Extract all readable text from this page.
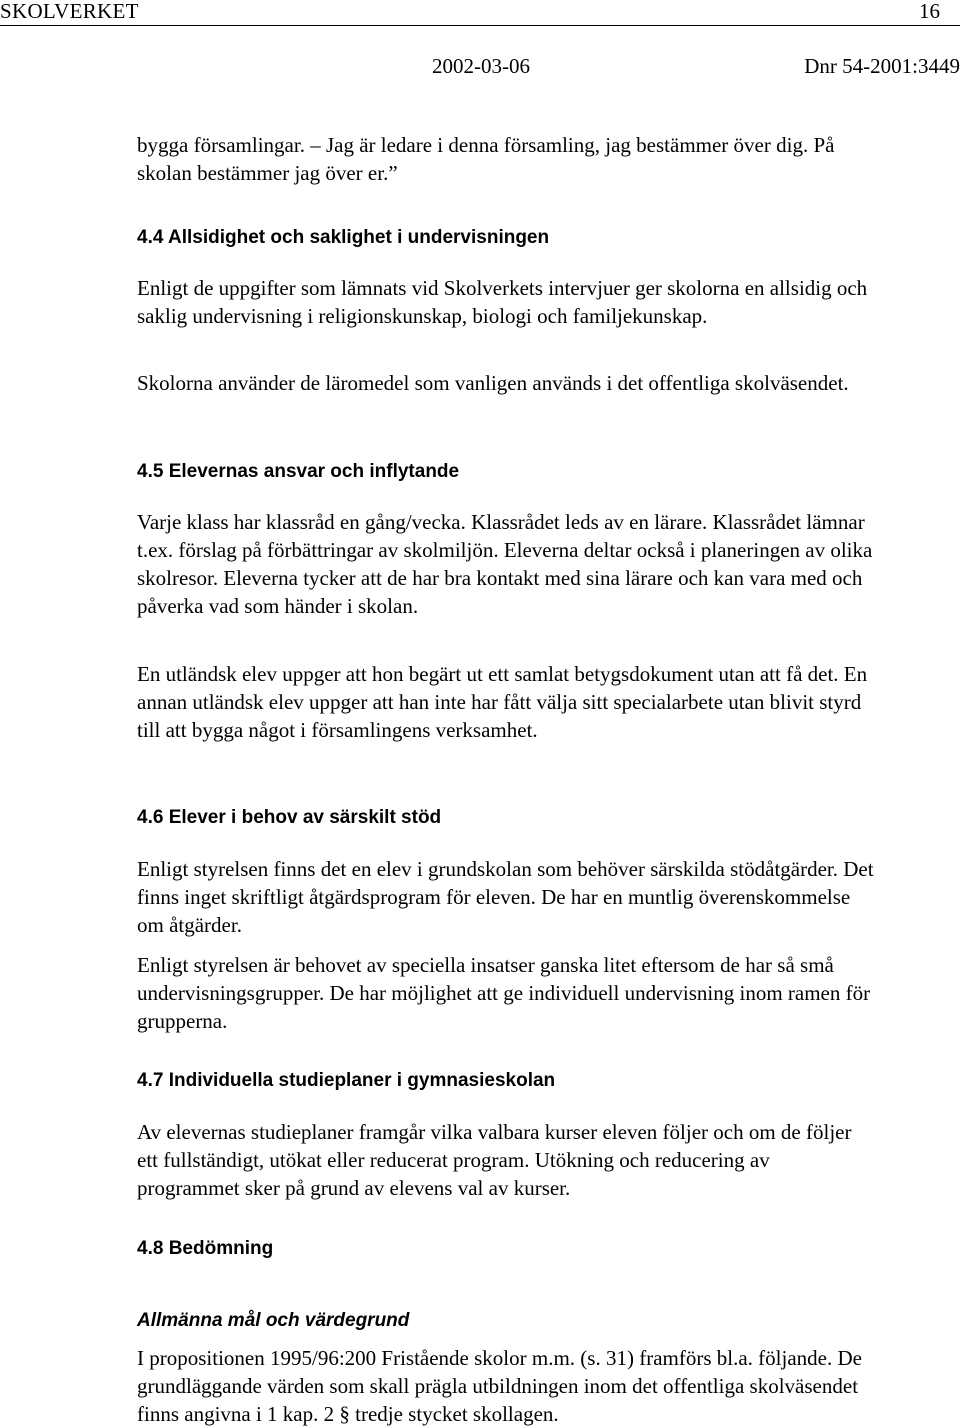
SKOLVERKET	16
2002-03-06	Dnr 54-2001:3449

bygga församlingar. – Jag är ledare i denna församling, jag bestämmer över dig. På skolan bestämmer jag över er.”

4.4 Allsidighet och saklighet i undervisningen

Enligt de uppgifter som lämnats vid Skolverkets intervjuer ger skolorna en allsidig och saklig undervisning i religionskunskap, biologi och familjekunskap.

Skolorna använder de läromedel som vanligen används i det offentliga skolväsendet.

4.5 Elevernas ansvar och inflytande

Varje klass har klassråd en gång/vecka. Klassrådet leds av en lärare. Klassrådet lämnar t.ex. förslag på förbättringar av skolmiljön. Eleverna deltar också i planeringen av olika skolresor. Eleverna tycker att de har bra kontakt med sina lärare och kan vara med och påverka vad som händer i skolan.

En utländsk elev uppger att hon begärt ut ett samlat betygsdokument utan att få det. En annan utländsk elev uppger att han inte har fått välja sitt specialarbete utan blivit styrd till att bygga något i församlingens verksamhet.

4.6 Elever i behov av särskilt stöd

Enligt styrelsen finns det en elev i grundskolan som behöver särskilda stödåtgärder. Det finns inget skriftligt åtgärdsprogram för eleven. De har en muntlig överenskommelse om åtgärder.

Enligt styrelsen är behovet av speciella insatser ganska litet eftersom de har så små undervisningsgrupper. De har möjlighet att ge individuell undervisning inom ramen för grupperna.

4.7 Individuella studieplaner i gymnasieskolan

Av elevernas studieplaner framgår vilka valbara kurser eleven följer och om de följer ett fullständigt, utökat eller reducerat program. Utökning och reducering av programmet sker på grund av elevens val av kurser.

4.8 Bedömning
Allmänna mål och värdegrund

I propositionen 1995/96:200 Fristående skolor m.m. (s. 31) framförs bl.a. följande. De grundläggande värden som skall prägla utbildningen inom det offentliga skolväsendet finns angivna i 1 kap. 2 § tredje stycket skollagen.
